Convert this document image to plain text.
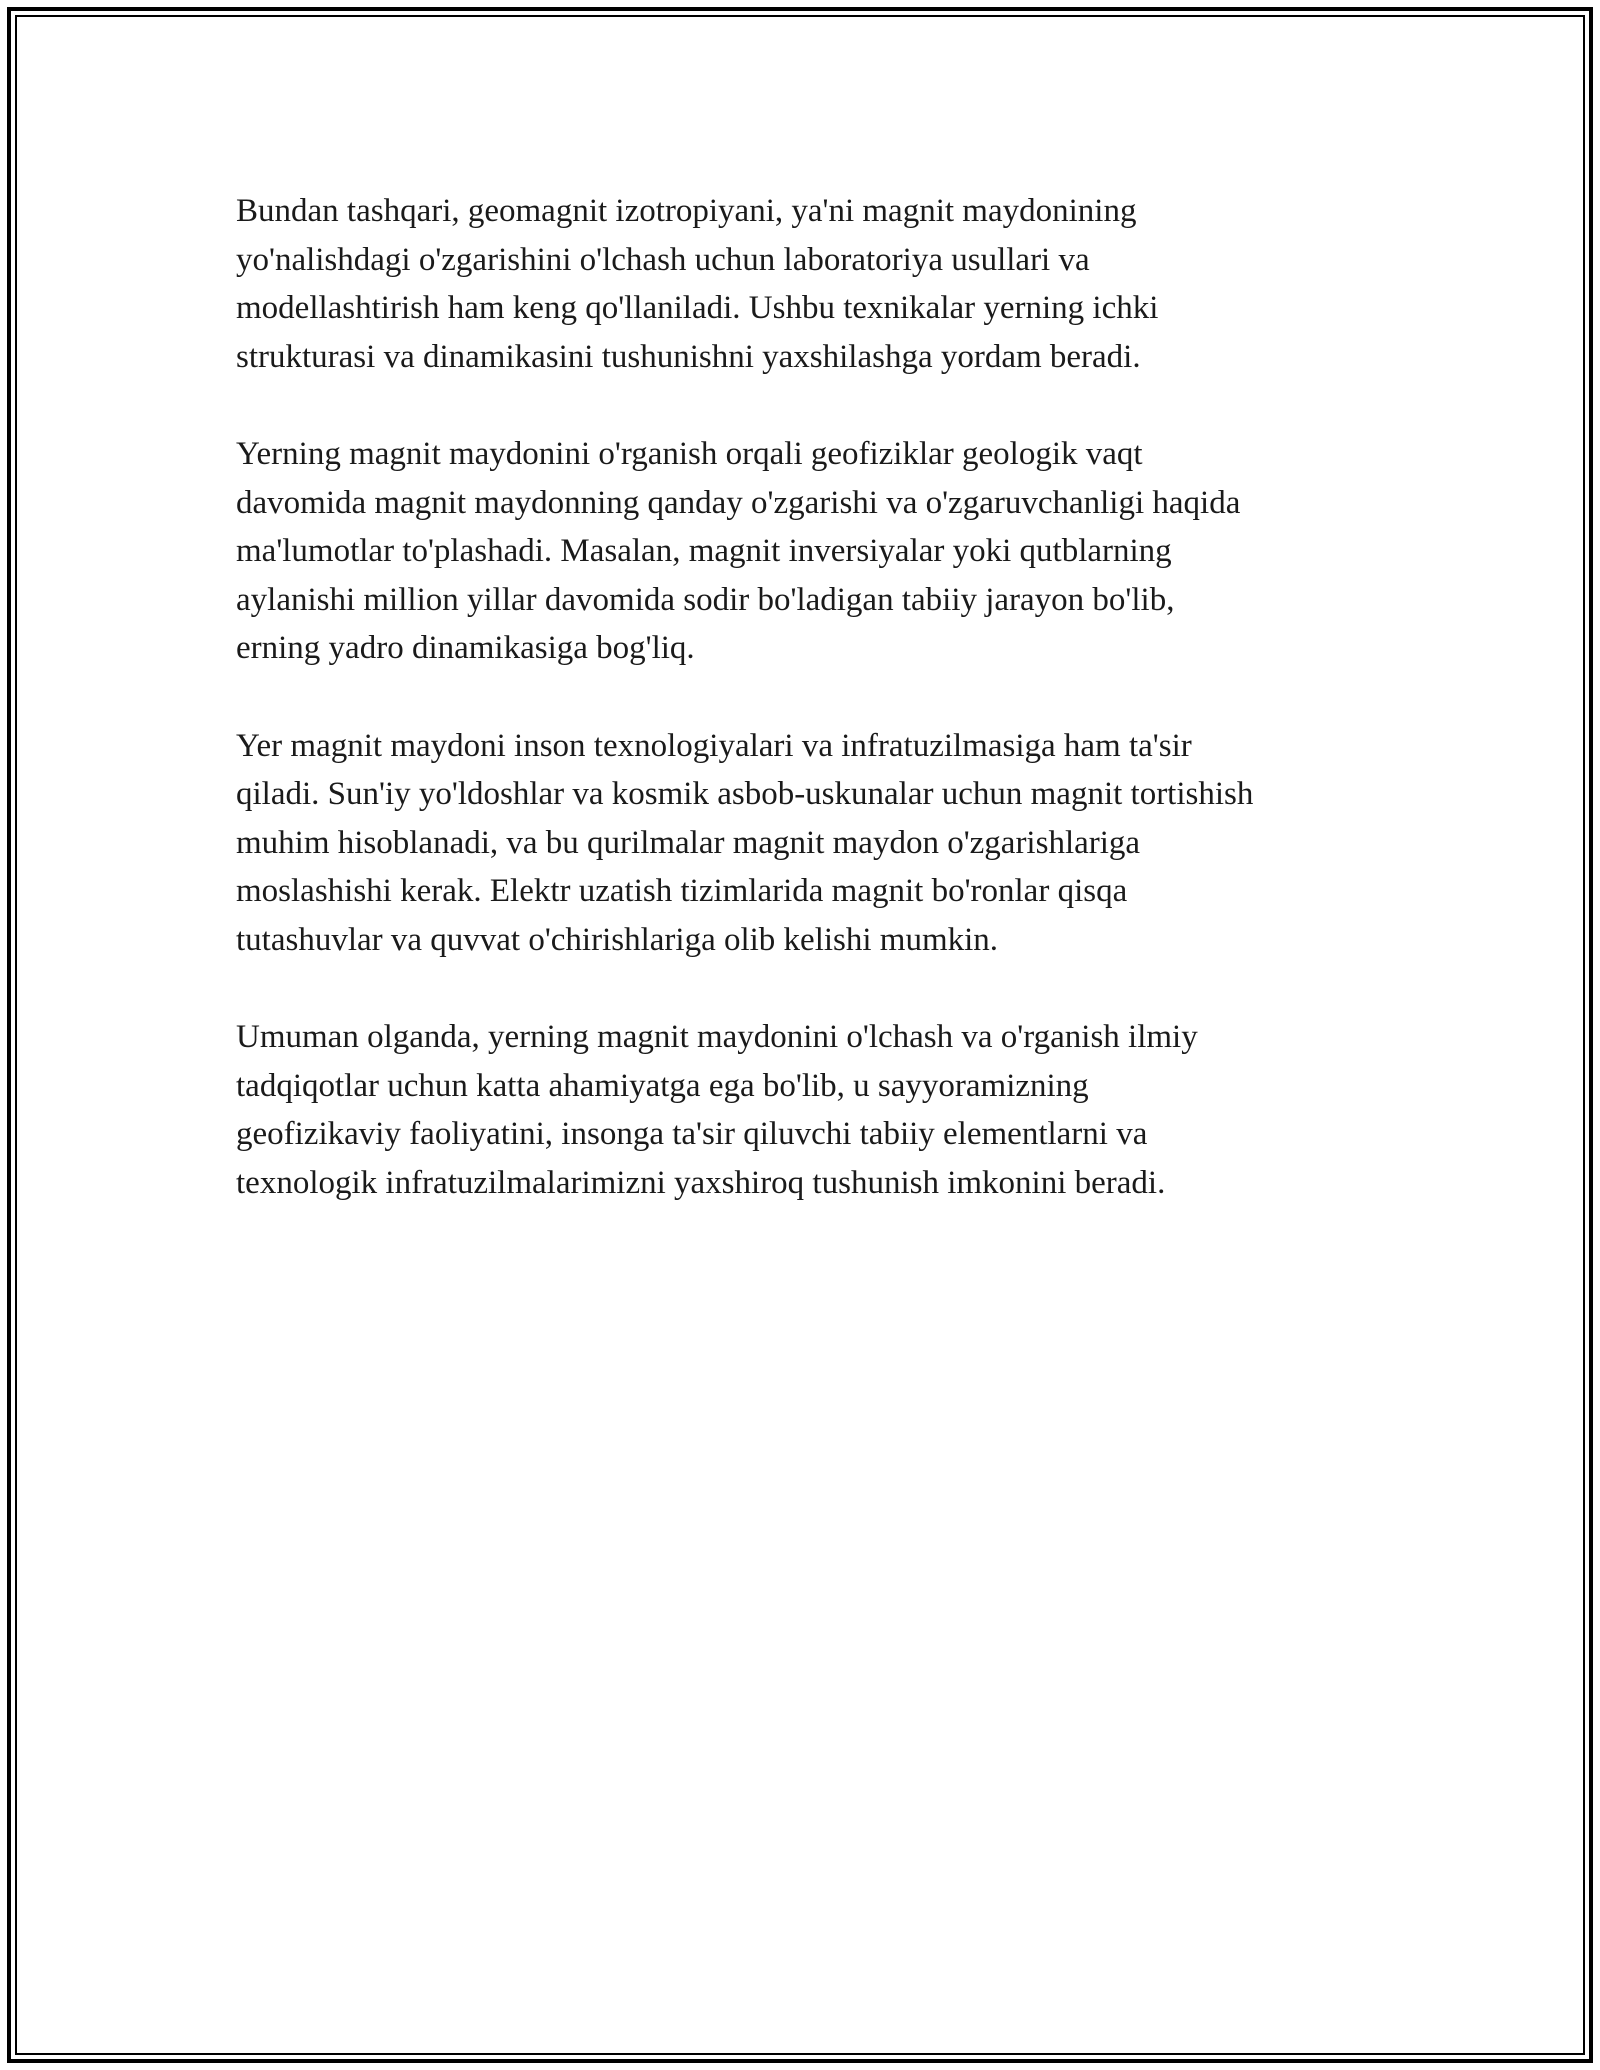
Bundan tashqari, geomagnit izotropiyani, ya'ni magnit maydonining
yo'nalishdagi o'zgarishini o'lchash uchun laboratoriya usullari va
modellashtirish ham keng qo'llaniladi. Ushbu texnikalar yerning ichki
strukturasi va dinamikasini tushunishni yaxshilashga yordam beradi.

Yerning magnit maydonini o'rganish orqali geofiziklar geologik vaqt
davomida magnit maydonning qanday o'zgarishi va o'zgaruvchanligi haqida
ma'lumotlar to'plashadi. Masalan, magnit inversiyalar yoki qutblarning
aylanishi million yillar davomida sodir bo'ladigan tabiiy jarayon bo'lib,
erning yadro dinamikasiga bog'liq.

Yer magnit maydoni inson texnologiyalari va infratuzilmasiga ham ta'sir
qiladi. Sun'iy yo'ldoshlar va kosmik asbob-uskunalar uchun magnit tortishish
muhim hisoblanadi, va bu qurilmalar magnit maydon o'zgarishlariga
moslashishi kerak. Elektr uzatish tizimlarida magnit bo'ronlar qisqa
tutashuvlar va quvvat o'chirishlariga olib kelishi mumkin.

Umuman olganda, yerning magnit maydonini o'lchash va o'rganish ilmiy
tadqiqotlar uchun katta ahamiyatga ega bo'lib, u sayyoramizning
geofizikaviy faoliyatini, insonga ta'sir qiluvchi tabiiy elementlarni va
texnologik infratuzilmalarimizni yaxshiroq tushunish imkonini beradi.
